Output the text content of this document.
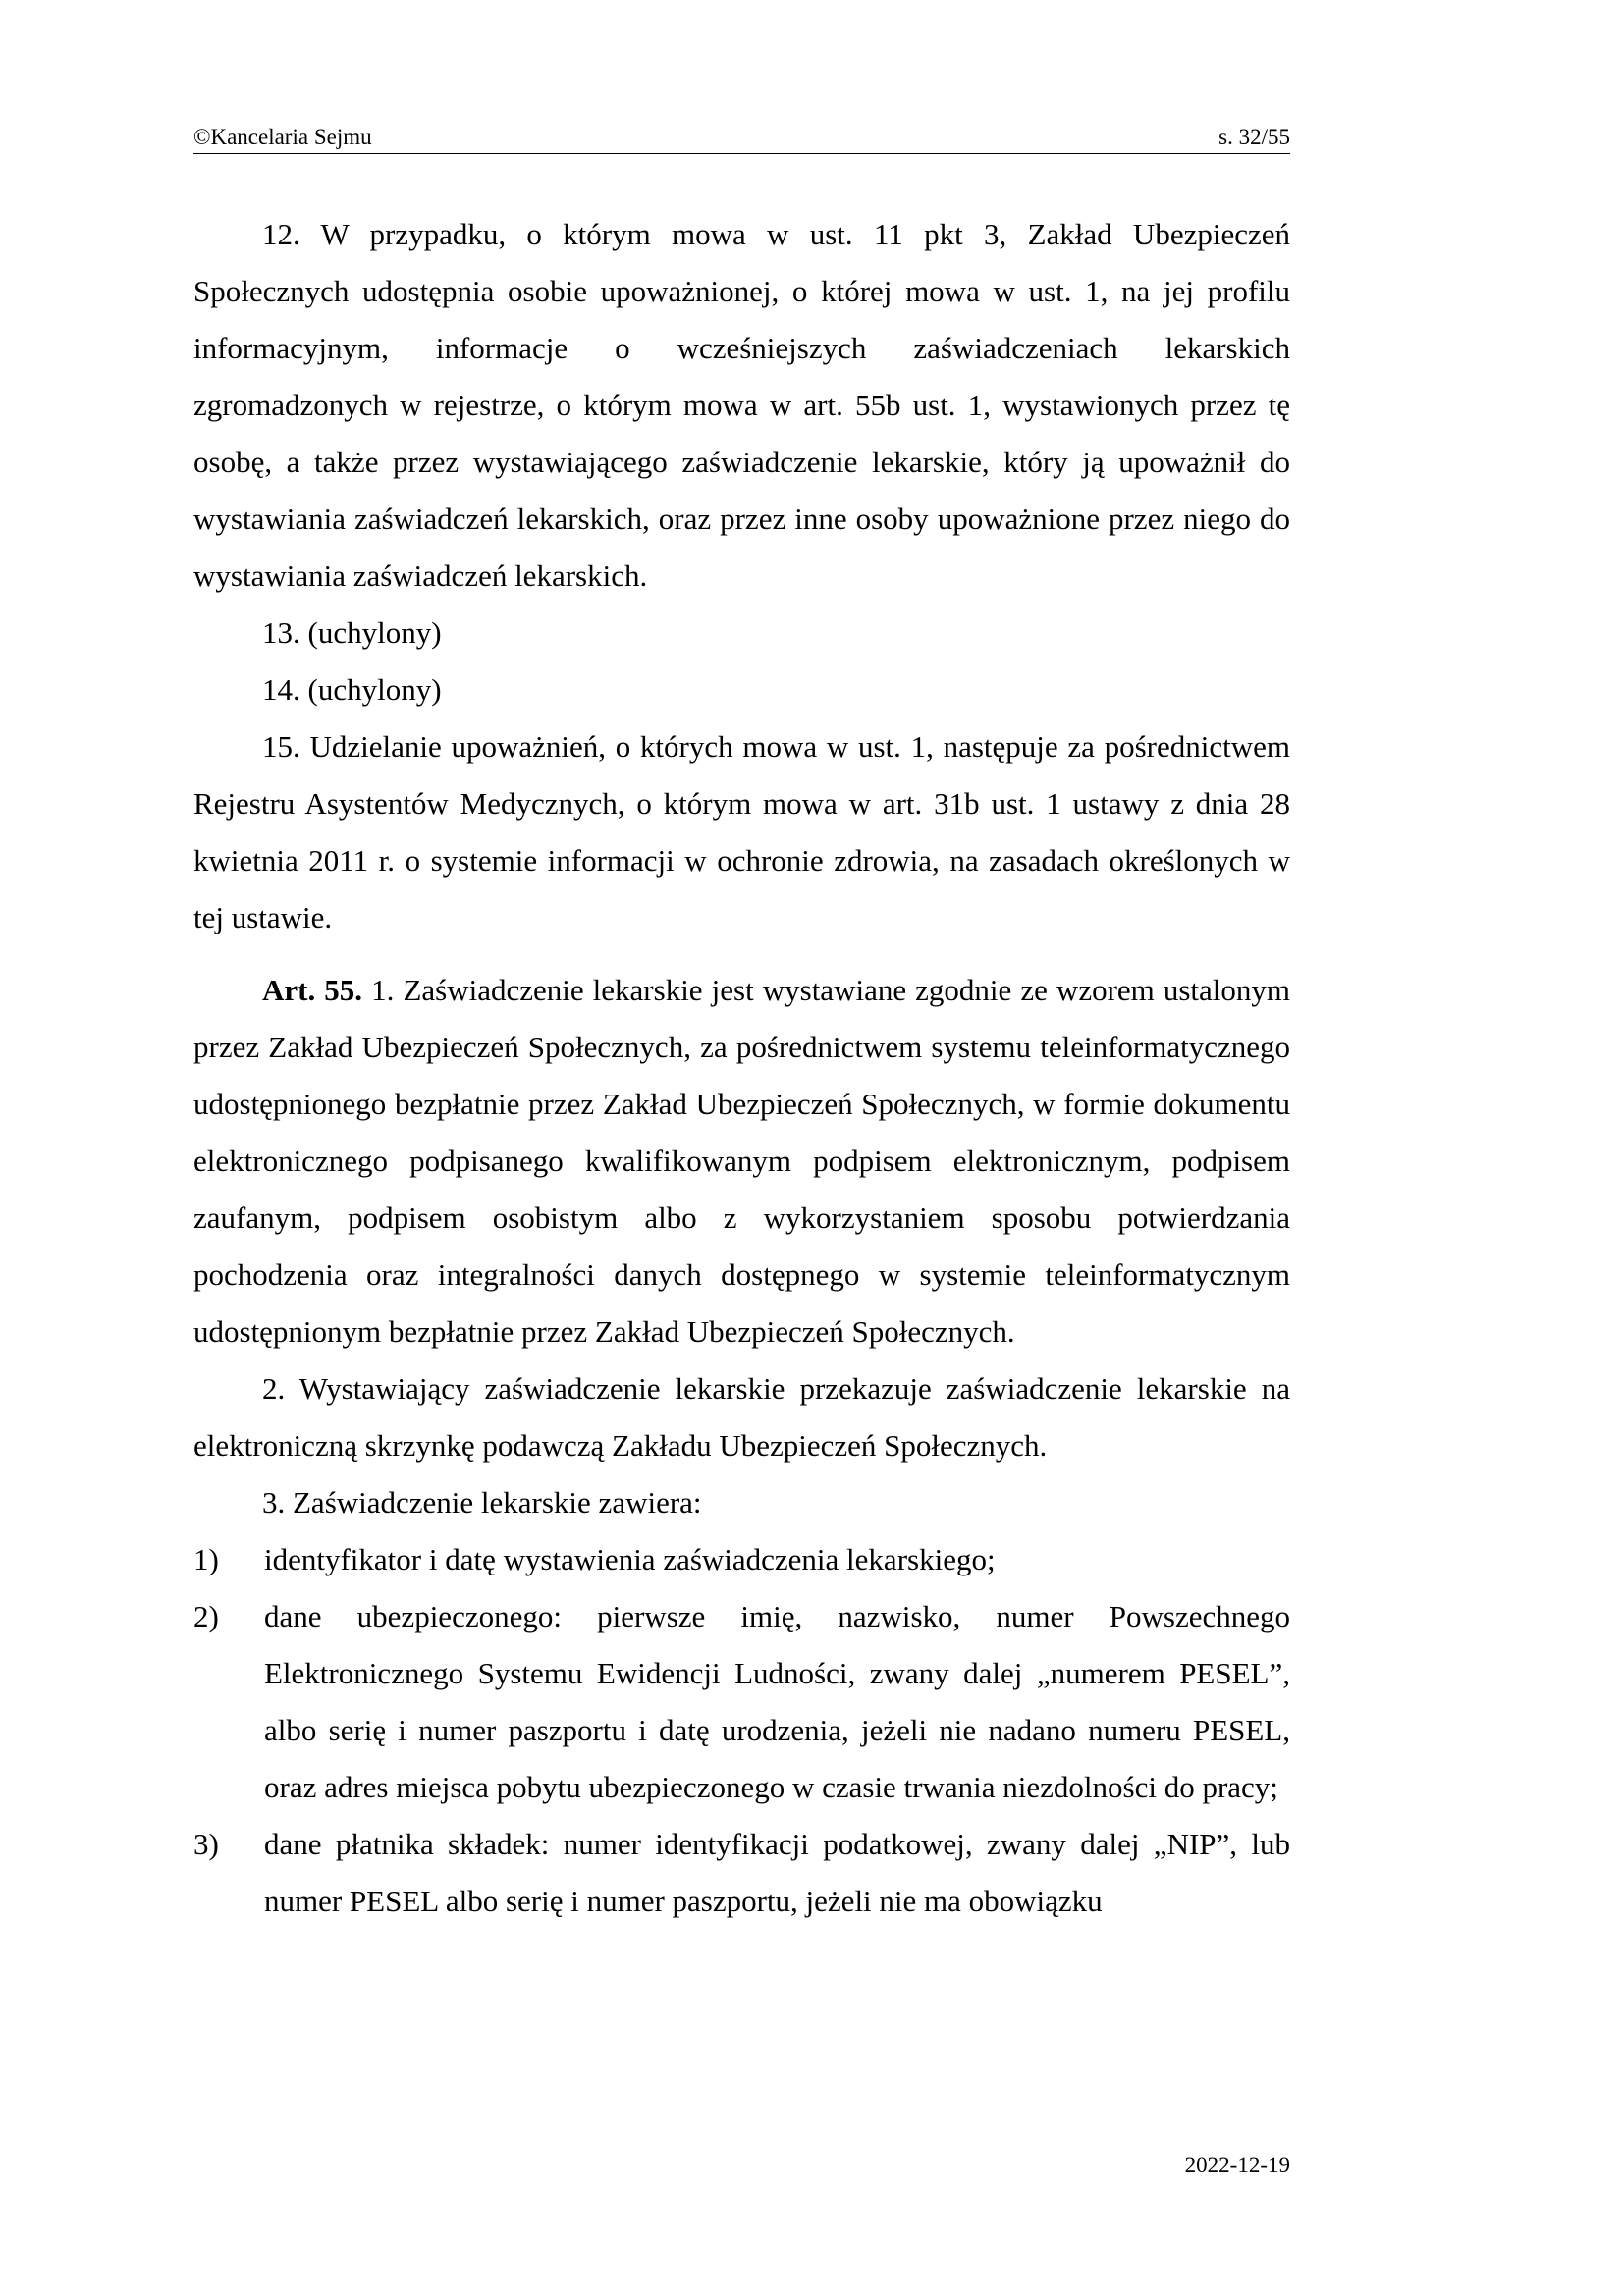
©Kancelaria Sejmu	s. 32/55

12. W przypadku, o którym mowa w ust. 11 pkt 3, Zakład Ubezpieczeń Społecznych udostępnia osobie upoważnionej, o której mowa w ust. 1, na jej profilu informacyjnym, informacje o wcześniejszych zaświadczeniach lekarskich zgromadzonych w rejestrze, o którym mowa w art. 55b ust. 1, wystawionych przez tę osobę, a także przez wystawiającego zaświadczenie lekarskie, który ją upoważnił do wystawiania zaświadczeń lekarskich, oraz przez inne osoby upoważnione przez niego do wystawiania zaświadczeń lekarskich.

13. (uchylony)

14. (uchylony)

15. Udzielanie upoważnień, o których mowa w ust. 1, następuje za pośrednictwem Rejestru Asystentów Medycznych, o którym mowa w art. 31b ust. 1 ustawy z dnia 28 kwietnia 2011 r. o systemie informacji w ochronie zdrowia, na zasadach określonych w tej ustawie.

Art. 55. 1. Zaświadczenie lekarskie jest wystawiane zgodnie ze wzorem ustalonym przez Zakład Ubezpieczeń Społecznych, za pośrednictwem systemu teleinformatycznego udostępnionego bezpłatnie przez Zakład Ubezpieczeń Społecznych, w formie dokumentu elektronicznego podpisanego kwalifikowanym podpisem elektronicznym, podpisem zaufanym, podpisem osobistym albo z wykorzystaniem sposobu potwierdzania pochodzenia oraz integralności danych dostępnego w systemie teleinformatycznym udostępnionym bezpłatnie przez Zakład Ubezpieczeń Społecznych.

2. Wystawiający zaświadczenie lekarskie przekazuje zaświadczenie lekarskie na elektroniczną skrzynkę podawczą Zakładu Ubezpieczeń Społecznych.

3. Zaświadczenie lekarskie zawiera:

1)	identyfikator i datę wystawienia zaświadczenia lekarskiego;
2)	dane ubezpieczonego: pierwsze imię, nazwisko, numer Powszechnego Elektronicznego Systemu Ewidencji Ludności, zwany dalej „numerem PESEL”, albo serię i numer paszportu i datę urodzenia, jeżeli nie nadano numeru PESEL, oraz adres miejsca pobytu ubezpieczonego w czasie trwania niezdolności do pracy;
3)	dane płatnika składek: numer identyfikacji podatkowej, zwany dalej „NIP”, lub numer PESEL albo serię i numer paszportu, jeżeli nie ma obowiązku
2022-12-19
